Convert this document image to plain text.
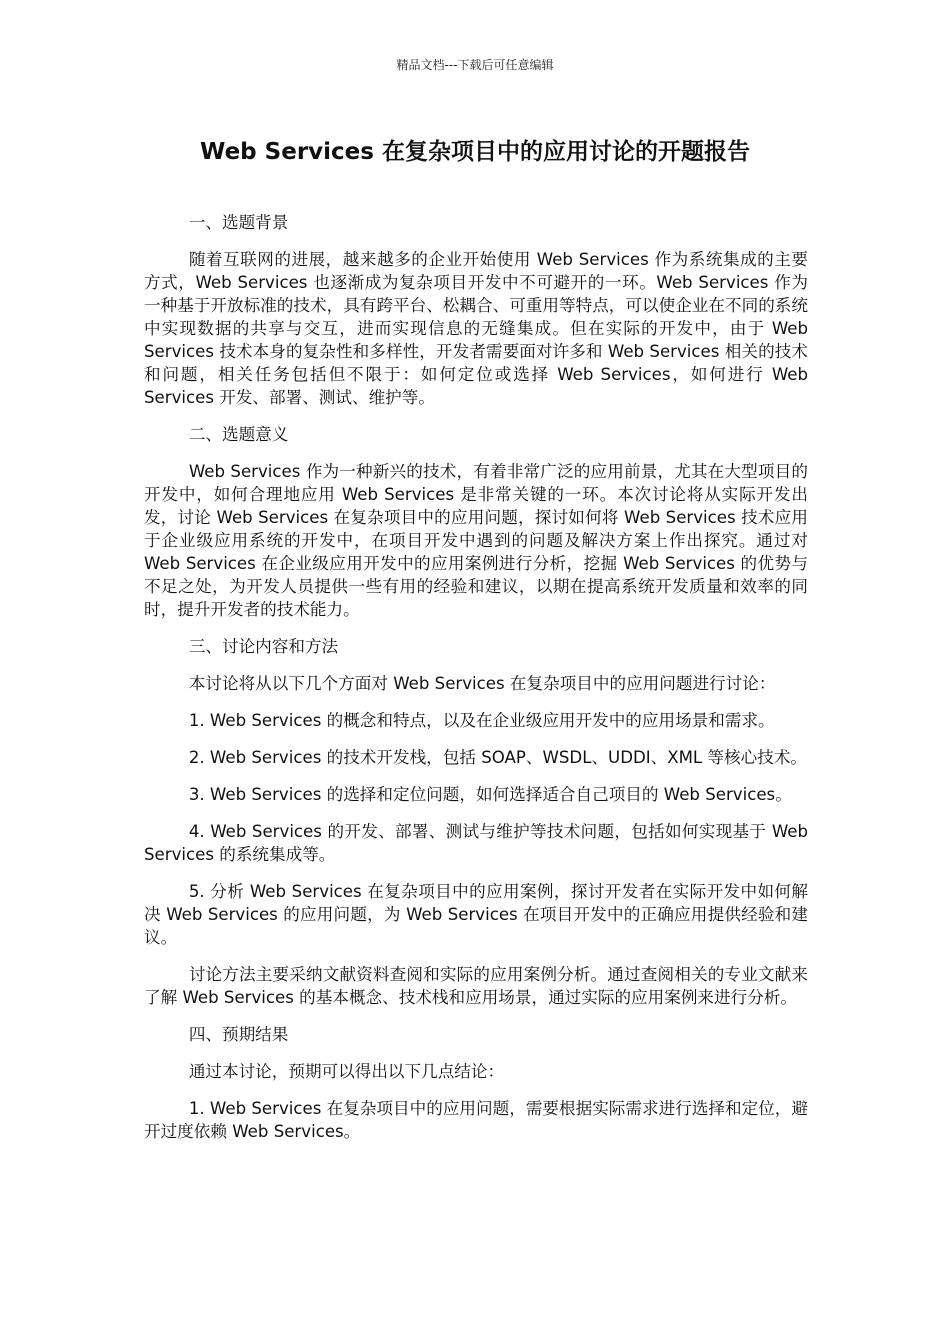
精品文档---下载后可任意编辑
Web Services 在复杂项目中的应用讨论的开题报告

一、选题背景

随着互联网的进展，越来越多的企业开始使用 Web Services 作为系统集成的主要方式，Web Services 也逐渐成为复杂项目开发中不可避开的一环。Web Services 作为一种基于开放标准的技术，具有跨平台、松耦合、可重用等特点，可以使企业在不同的系统中实现数据的共享与交互，进而实现信息的无缝集成。但在实际的开发中，由于 Web Services 技术本身的复杂性和多样性，开发者需要面对许多和 Web Services 相关的技术和问题，相关任务包括但不限于：如何定位或选择 Web Services，如何进行 Web Services 开发、部署、测试、维护等。

二、选题意义

Web Services 作为一种新兴的技术，有着非常广泛的应用前景，尤其在大型项目的开发中，如何合理地应用 Web Services 是非常关键的一环。本次讨论将从实际开发出发，讨论 Web Services 在复杂项目中的应用问题，探讨如何将 Web Services 技术应用于企业级应用系统的开发中，在项目开发中遇到的问题及解决方案上作出探究。通过对 Web Services 在企业级应用开发中的应用案例进行分析，挖掘 Web Services 的优势与不足之处，为开发人员提供一些有用的经验和建议，以期在提高系统开发质量和效率的同时，提升开发者的技术能力。

三、讨论内容和方法

本讨论将从以下几个方面对 Web Services 在复杂项目中的应用问题进行讨论：

1. Web Services 的概念和特点，以及在企业级应用开发中的应用场景和需求。

2. Web Services 的技术开发栈，包括 SOAP、WSDL、UDDI、XML 等核心技术。

3. Web Services 的选择和定位问题，如何选择适合自己项目的 Web Services。

4. Web Services 的开发、部署、测试与维护等技术问题，包括如何实现基于 Web Services 的系统集成等。

5. 分析 Web Services 在复杂项目中的应用案例，探讨开发者在实际开发中如何解决 Web Services 的应用问题，为 Web Services 在项目开发中的正确应用提供经验和建议。

讨论方法主要采纳文献资料查阅和实际的应用案例分析。通过查阅相关的专业文献来了解 Web Services 的基本概念、技术栈和应用场景，通过实际的应用案例来进行分析。

四、预期结果

通过本讨论，预期可以得出以下几点结论：

1. Web Services 在复杂项目中的应用问题，需要根据实际需求进行选择和定位，避开过度依赖 Web Services。
